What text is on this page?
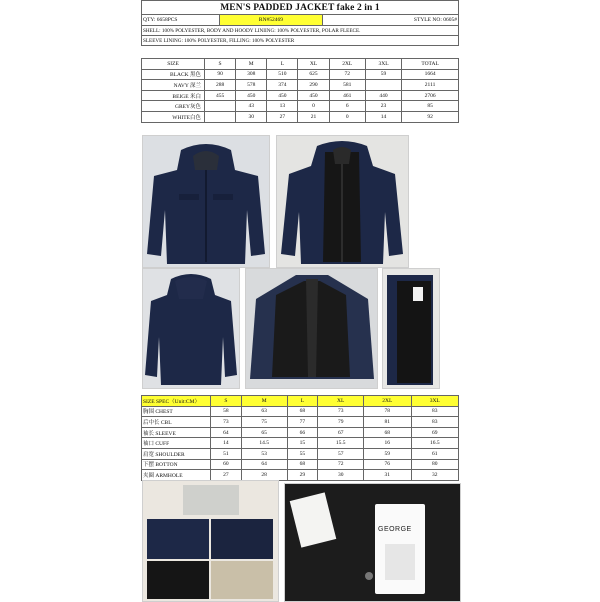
MEN'S PADDED JACKET fake 2 in 1
QTY: 6658PCS	RN#52469	STYLE NO: 0605#
SHELL: 100% POLYESTER, BODY AND HOODY LINIING: 100% POLYESTER, POLAR FLEECE.
SLEEVE LINING: 100% POLYESTER, FILLING: 100% POLYESTER
SIZE	S	M	L	XL	2XL	3XL	TOTAL
BLACK 黑色	90	308	510	625	72	59	1664
NAVY 深兰	288	578	374	290	581		2111
BEIGE 米白	455	450	450	450	461	440	2706
GREY灰色		43	13	0	6	23	85
WHITE白色		30	27	21	0	14	92
SIZE SPEC（Unit:CM）	S	M	L	XL	2XL	3XL
胸围 CHEST	58	63	68	73	78	83
后中长 CBL	73	75	77	79	81	83
袖长 SLEEVE	64	65	66	67	68	69
袖口 CUFF	14	14.5	15	15.5	16	16.5
肩宽 SHOULDER	51	53	55	57	59	61
下摆 BOTTON	60	64	68	72	76	80
夹圈 ARMHOLE	27	28	29	30	31	32
GEORGE
